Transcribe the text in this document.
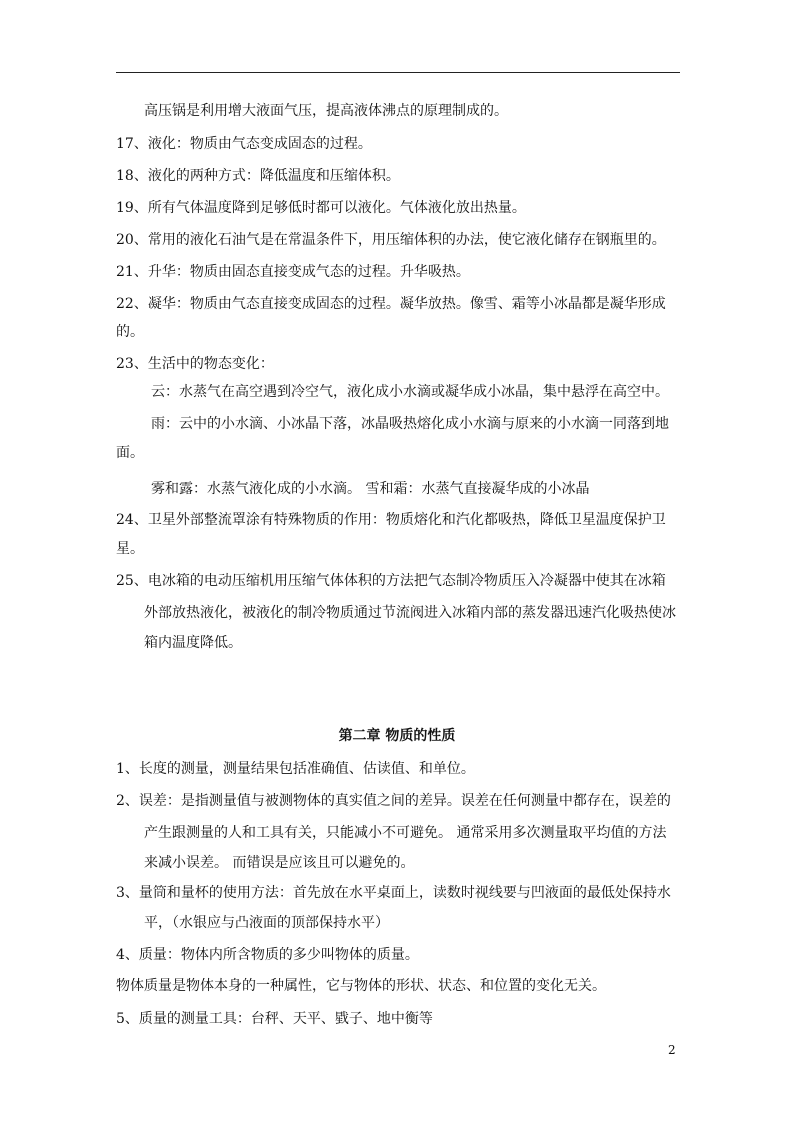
高压锅是利用增大液面气压，提高液体沸点的原理制成的。
17、液化：物质由气态变成固态的过程。
18、液化的两种方式：降低温度和压缩体积。
19、所有气体温度降到足够低时都可以液化。气体液化放出热量。
20、常用的液化石油气是在常温条件下，用压缩体积的办法，使它液化储存在钢瓶里的。
21、升华：物质由固态直接变成气态的过程。升华吸热。
22、凝华：物质由气态直接变成固态的过程。凝华放热。像雪、霜等小冰晶都是凝华形成
的。
23、生活中的物态变化：
云：水蒸气在高空遇到冷空气，液化成小水滴或凝华成小冰晶，集中悬浮在高空中。
雨：云中的小水滴、小冰晶下落，冰晶吸热熔化成小水滴与原来的小水滴一同落到地
面。
雾和露：水蒸气液化成的小水滴。 雪和霜：水蒸气直接凝华成的小冰晶
24、卫星外部整流罩涂有特殊物质的作用：物质熔化和汽化都吸热，降低卫星温度保护卫
星。
25、电冰箱的电动压缩机用压缩气体体积的方法把气态制冷物质压入冷凝器中使其在冰箱
外部放热液化，被液化的制冷物质通过节流阀进入冰箱内部的蒸发器迅速汽化吸热使冰
箱内温度降低。
第二章 物质的性质
1、长度的测量，测量结果包括准确值、估读值、和单位。
2、误差：是指测量值与被测物体的真实值之间的差异。误差在任何测量中都存在，误差的
产生跟测量的人和工具有关，只能减小不可避免。 通常采用多次测量取平均值的方法
来减小误差。 而错误是应该且可以避免的。
3、量筒和量杯的使用方法：首先放在水平桌面上，读数时视线要与凹液面的最低处保持水
平，（水银应与凸液面的顶部保持水平）
4、质量：物体内所含物质的多少叫物体的质量。
物体质量是物体本身的一种属性，它与物体的形状、状态、和位置的变化无关。
5、质量的测量工具：台秤、天平、戥子、地中衡等
2
